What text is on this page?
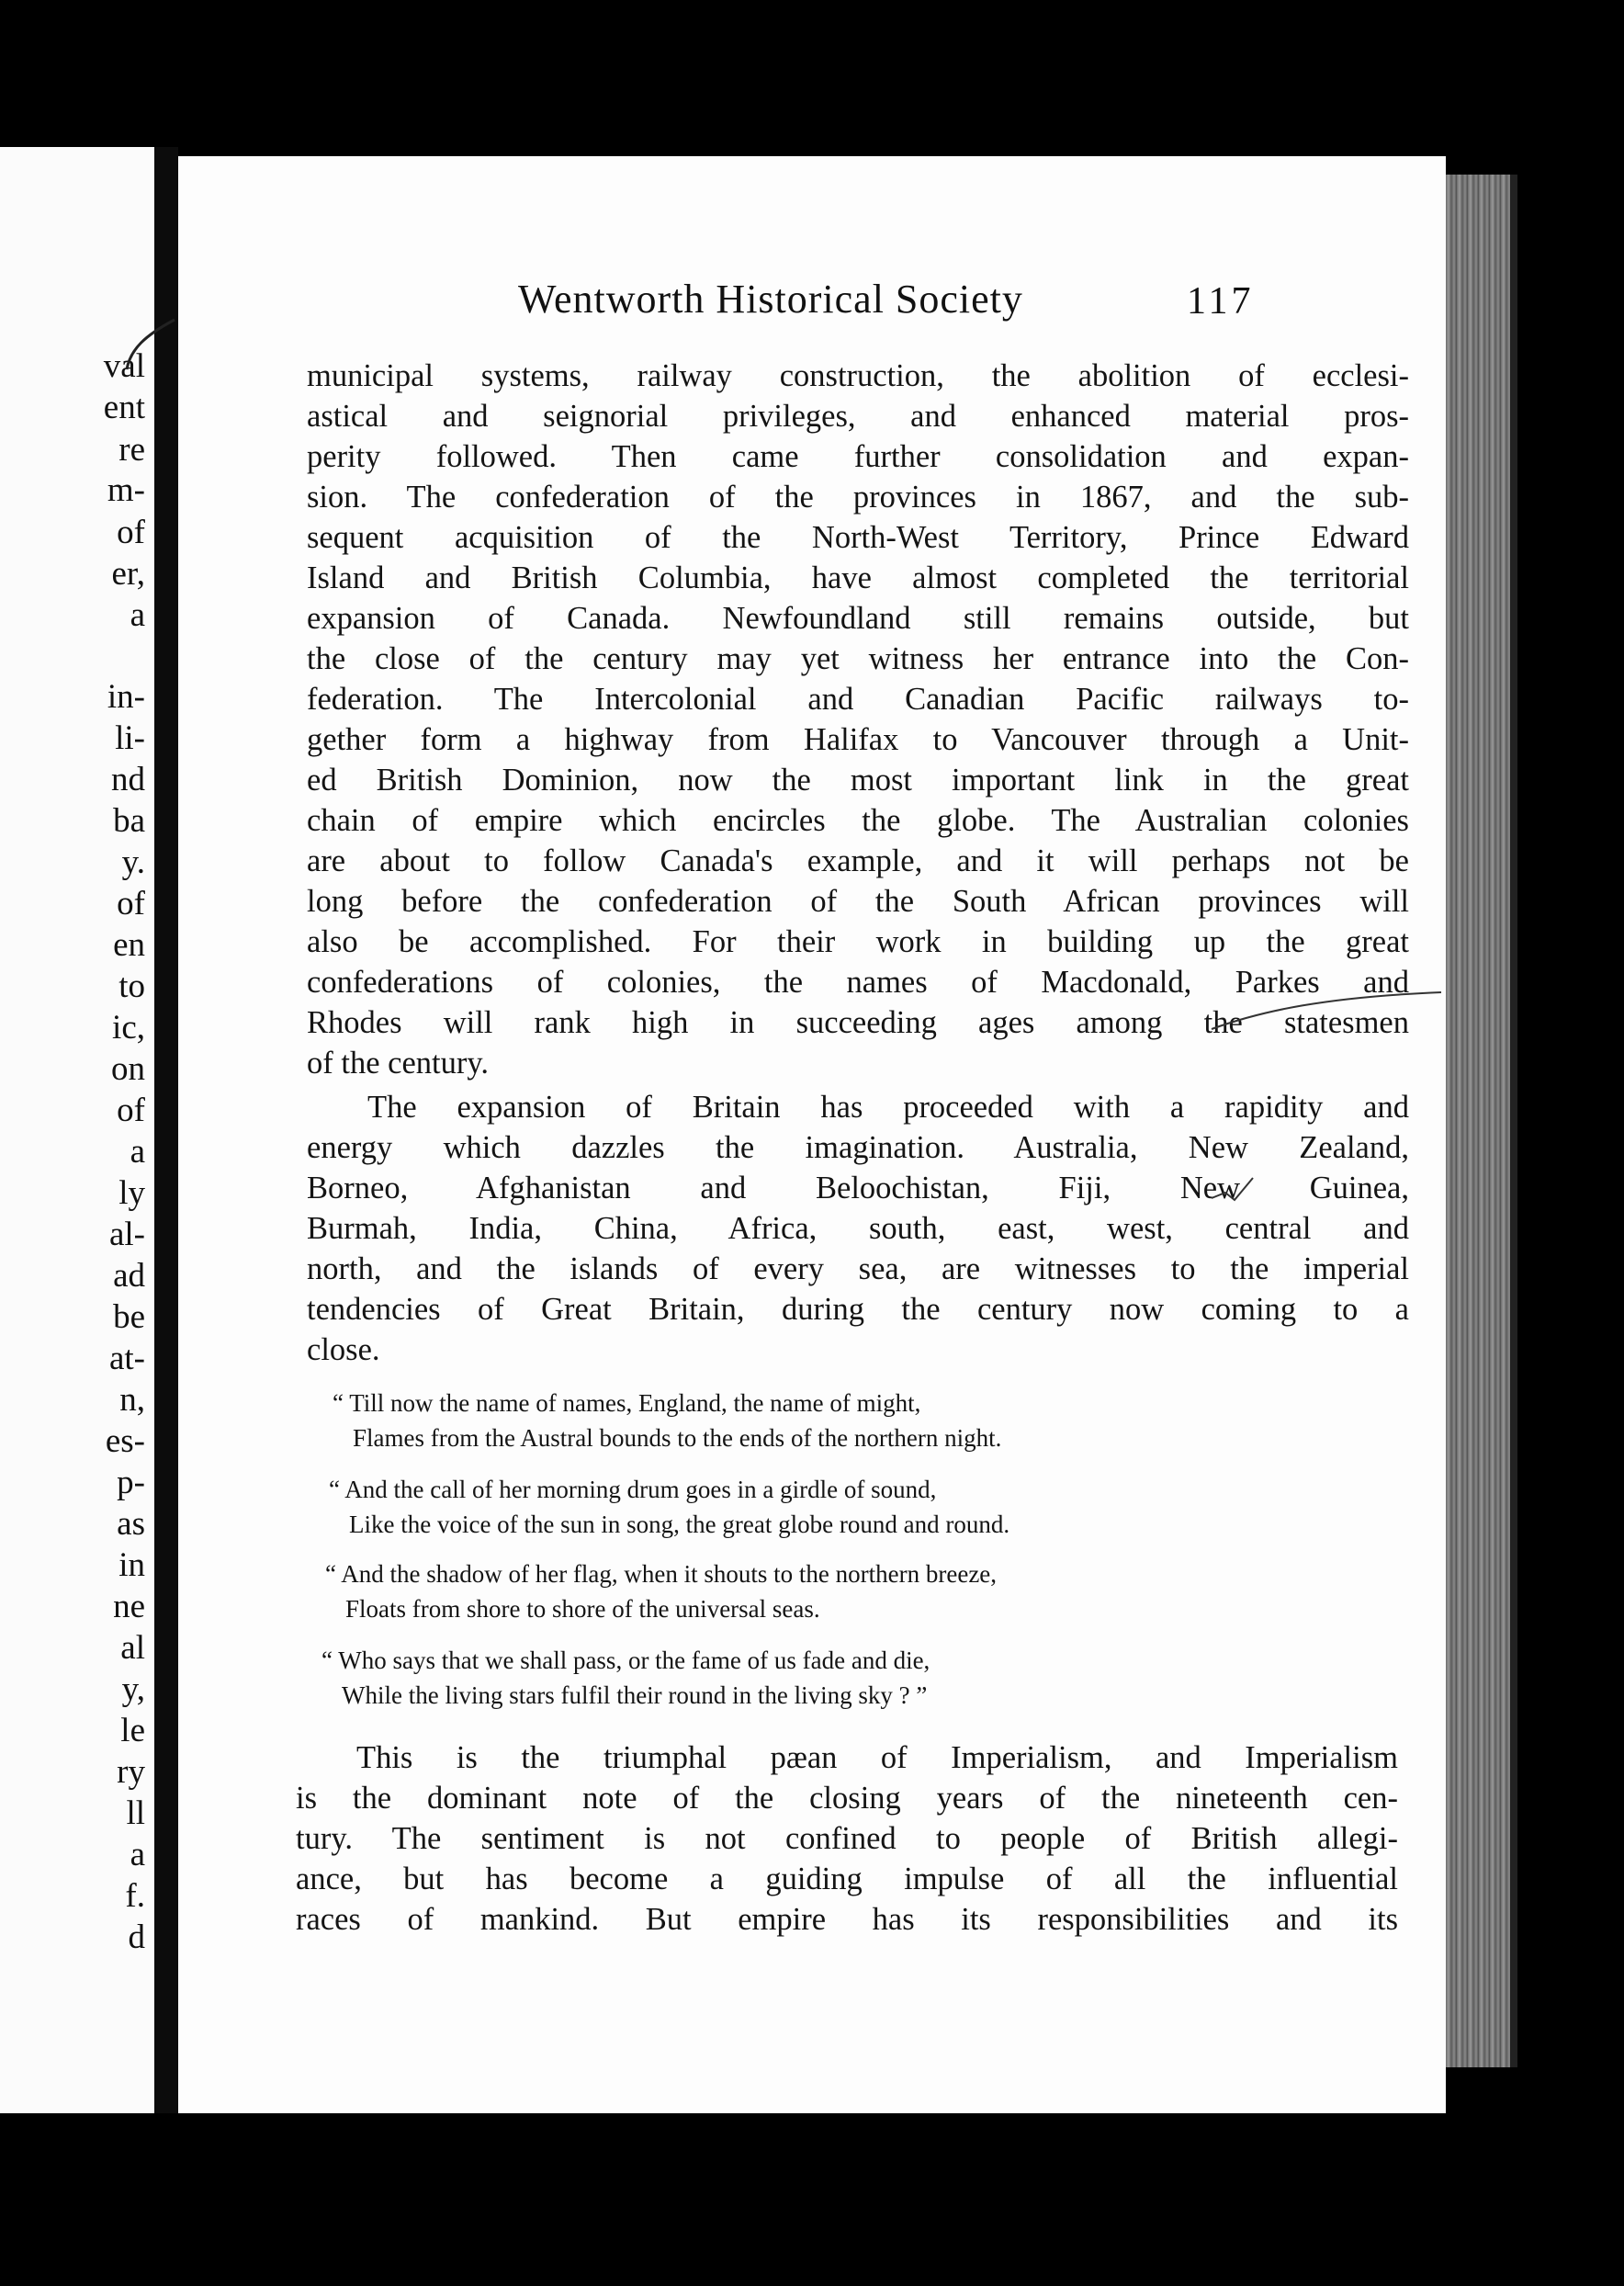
val
ent
re
m-
of
er,
a
in-
li-
nd
ba
y.
of
en
to
ic,
on
of
a
ly
al-
ad
be
at-
n,
es-
p-
as
in
ne
al
y,
le
ry
ll
a
f.
d
Wentworth Historical Society	117
municipal systems, railway construction, the abolition of ecclesi-
astical and seignorial privileges, and enhanced material pros-
perity followed. Then came further consolidation and expan-
sion. The confederation of the provinces in 1867, and the sub-
sequent acquisition of the North-West Territory, Prince Edward
Island and British Columbia, have almost completed the territorial
expansion of Canada. Newfoundland still remains outside, but
the close of the century may yet witness her entrance into the Con-
federation. The Intercolonial and Canadian Pacific railways to-
gether form a highway from Halifax to Vancouver through a Unit-
ed British Dominion, now the most important link in the great
chain of empire which encircles the globe. The Australian colonies
are about to follow Canada's example, and it will perhaps not be
long before the confederation of the South African provinces will
also be accomplished. For their work in building up the great
confederations of colonies, the names of Macdonald, Parkes and
Rhodes will rank high in succeeding ages among the statesmen
of the century.
The expansion of Britain has proceeded with a rapidity and
energy which dazzles the imagination. Australia, New Zealand,
Borneo, Afghanistan and Beloochistan, Fiji, New Guinea,
Burmah, India, China, Africa, south, east, west, central and
north, and the islands of every sea, are witnesses to the imperial
tendencies of Great Britain, during the century now coming to a
close.
“ Till now the name of names, England, the name of might,
Flames from the Austral bounds to the ends of the northern night.
“ And the call of her morning drum goes in a girdle of sound,
Like the voice of the sun in song, the great globe round and round.
“ And the shadow of her flag, when it shouts to the northern breeze,
Floats from shore to shore of the universal seas.
“ Who says that we shall pass, or the fame of us fade and die,
While the living stars fulfil their round in the living sky ? ”
This is the triumphal pæan of Imperialism, and Imperialism
is the dominant note of the closing years of the nineteenth cen-
tury. The sentiment is not confined to people of British allegi-
ance, but has become a guiding impulse of all the influential
races of mankind. But empire has its responsibilities and its
